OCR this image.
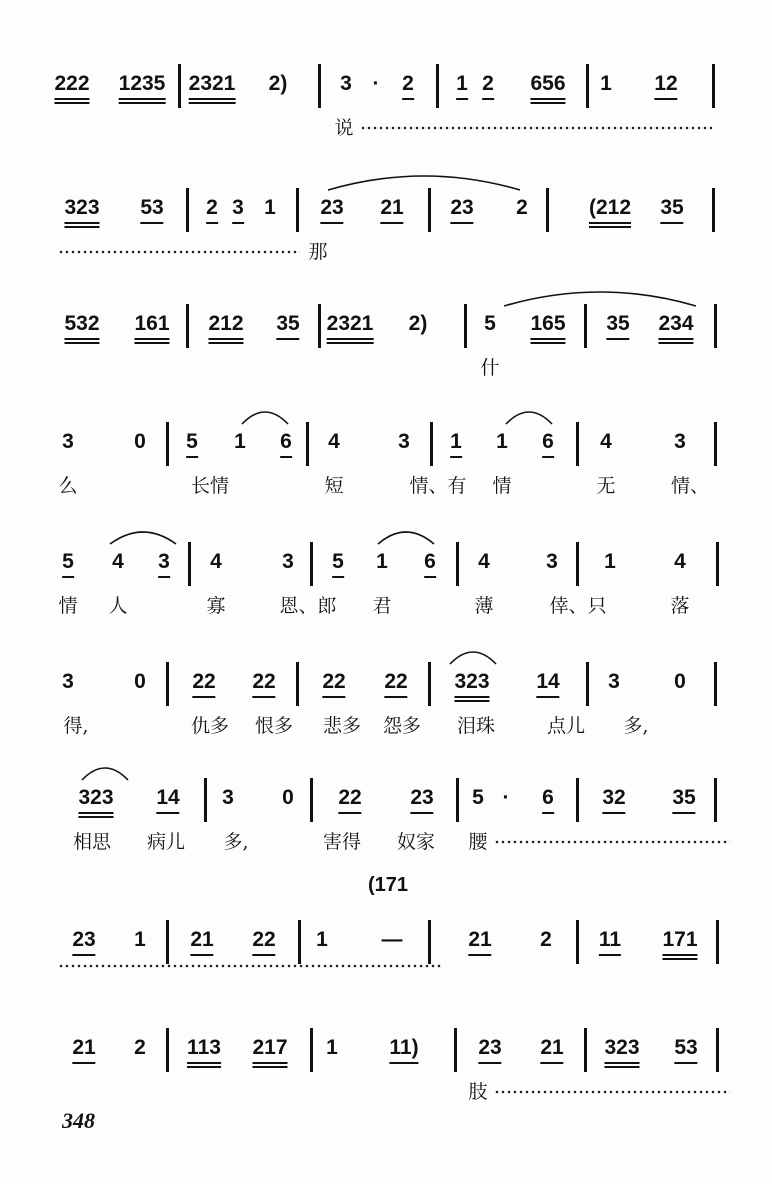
222 1235 2321 2)	3 · 2 1 2 656 1 12
说
323 53 2 3 1 23 21 23 2	(212 35
那
532 161 212 35 2321 2)	5 165 35 234
什
3	0 5 1 6 4	3 1 1 6 4	3
么	长情	短	情、有 情	无	情、
5 4 3 4	3 5 1 6 4	3 1	4
情 人	寡	恩、郎 君	薄	倖、只	落
3	0 22 22 22 22 323 14 3	0
得,	仇多 恨多 悲多 怨多 泪珠	点儿 多,
323 14 3 0 22 23 5 · 6 32 35
相思 病儿 多,	害得 奴家 腰
(171
23 1 21 22 1	—	21 2 11 171
21 2 113 217 1 11)	23 21 323 53
肢
348
